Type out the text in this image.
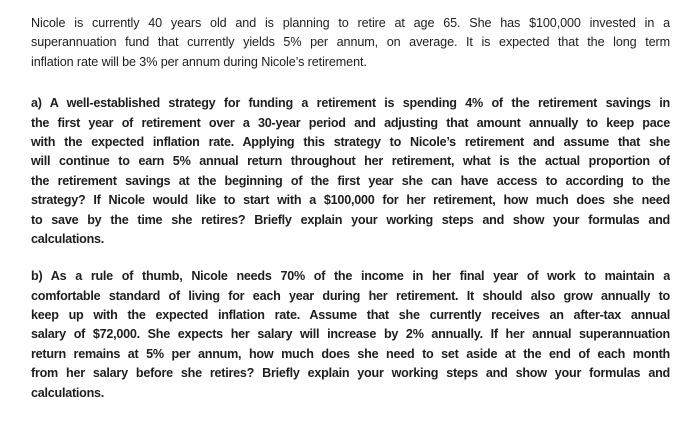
Nicole is currently 40 years old and is planning to retire at age 65. She has $100,000 invested in a
superannuation fund that currently yields 5% per annum, on average. It is expected that the long term
inflation rate will be 3% per annum during Nicole’s retirement.
a) A well-established strategy for funding a retirement is spending 4% of the retirement savings in
the first year of retirement over a 30-year period and adjusting that amount annually to keep pace
with the expected inflation rate. Applying this strategy to Nicole’s retirement and assume that she
will continue to earn 5% annual return throughout her retirement, what is the actual proportion of
the retirement savings at the beginning of the first year she can have access to according to the
strategy? If Nicole would like to start with a $100,000 for her retirement, how much does she need
to save by the time she retires? Briefly explain your working steps and show your formulas and
calculations.
b) As a rule of thumb, Nicole needs 70% of the income in her final year of work to maintain a
comfortable standard of living for each year during her retirement. It should also grow annually to
keep up with the expected inflation rate. Assume that she currently receives an after-tax annual
salary of $72,000. She expects her salary will increase by 2% annually. If her annual superannuation
return remains at 5% per annum, how much does she need to set aside at the end of each month
from her salary before she retires? Briefly explain your working steps and show your formulas and
calculations.
